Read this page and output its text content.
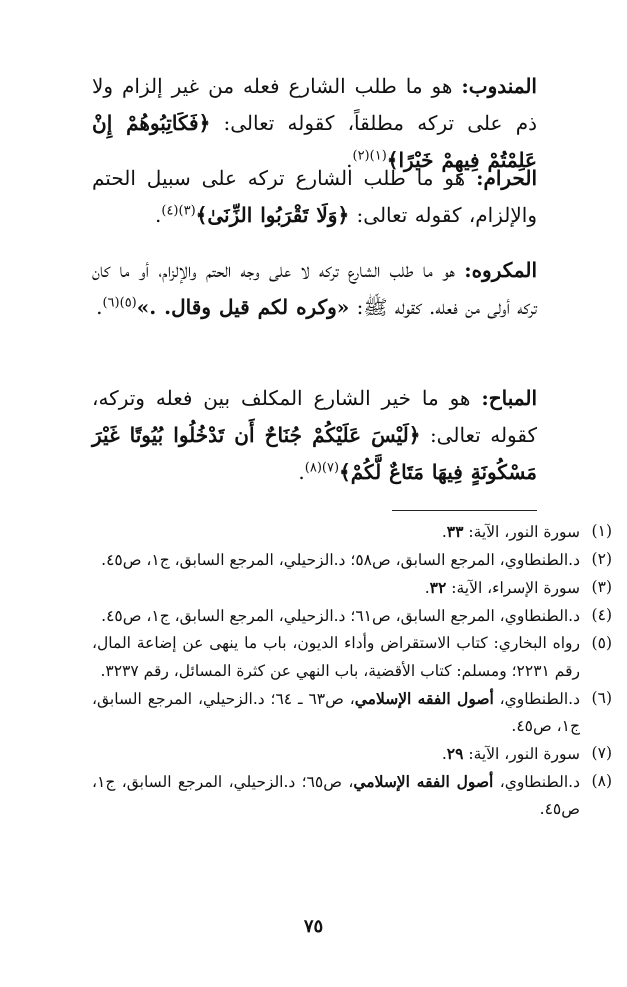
المندوب: هو ما طلب الشارع فعله من غير إلزام ولا ذم على تركه مطلقاً، كقوله تعالى: ﴿فَكَاتِبُوهُمْ إِنْ عَلِمْتُمْ فِيهِمْ خَيْرًا﴾$^{(١)(٢)}$.
الحرام: هو ما طلب الشارع تركه على سبيل الحتم والإلزام، كقوله تعالى: ﴿وَلَا تَقْرَبُوا الزِّنَىٰ﴾$^{(٣)(٤)}$.
المكروه: هو ما طلب الشارع تركه لا على وجه الحتم والإلزام، أو ما كان تركه أولى من فعله. كقوله ﷺ: «وكره لكم قيل وقال. .»$^{(٥)(٦)}$.
المباح: هو ما خير الشارع المكلف بين فعله وتركه، كقوله تعالى: ﴿لَيْسَ عَلَيْكُمْ جُنَاحٌ أَن تَدْخُلُوا بُيُوتًا غَيْرَ مَسْكُونَةٍ فِيهَا مَتَاعٌ لَّكُمْ﴾$^{(٧)(٨)}$.
(١)
سورة النور، الآية: ٣٣.
(٢)
د.الطنطاوي، المرجع السابق، ص٥٨؛ د.الزحيلي، المرجع السابق، ج١، ص٤٥.
(٣)
سورة الإسراء، الآية: ٣٢.
(٤)
د.الطنطاوي، المرجع السابق، ص٦١؛ د.الزحيلي، المرجع السابق، ج١، ص٤٥.
(٥)
رواه البخاري: كتاب الاستقراض وأداء الديون، باب ما ينهى عن إضاعة المال، رقم ٢٢٣١؛ ومسلم: كتاب الأقضية، باب النهي عن كثرة المسائل، رقم ٣٢٣٧.
(٦)
د.الطنطاوي، أصول الفقه الإسلامي، ص٦٣ ـ ٦٤؛ د.الزحيلي، المرجع السابق، ج١، ص٤٥.
(٧)
سورة النور، الآية: ٢٩.
(٨)
د.الطنطاوي، أصول الفقه الإسلامي، ص٦٥؛ د.الزحيلي، المرجع السابق، ج١، ص٤٥.
٧٥
